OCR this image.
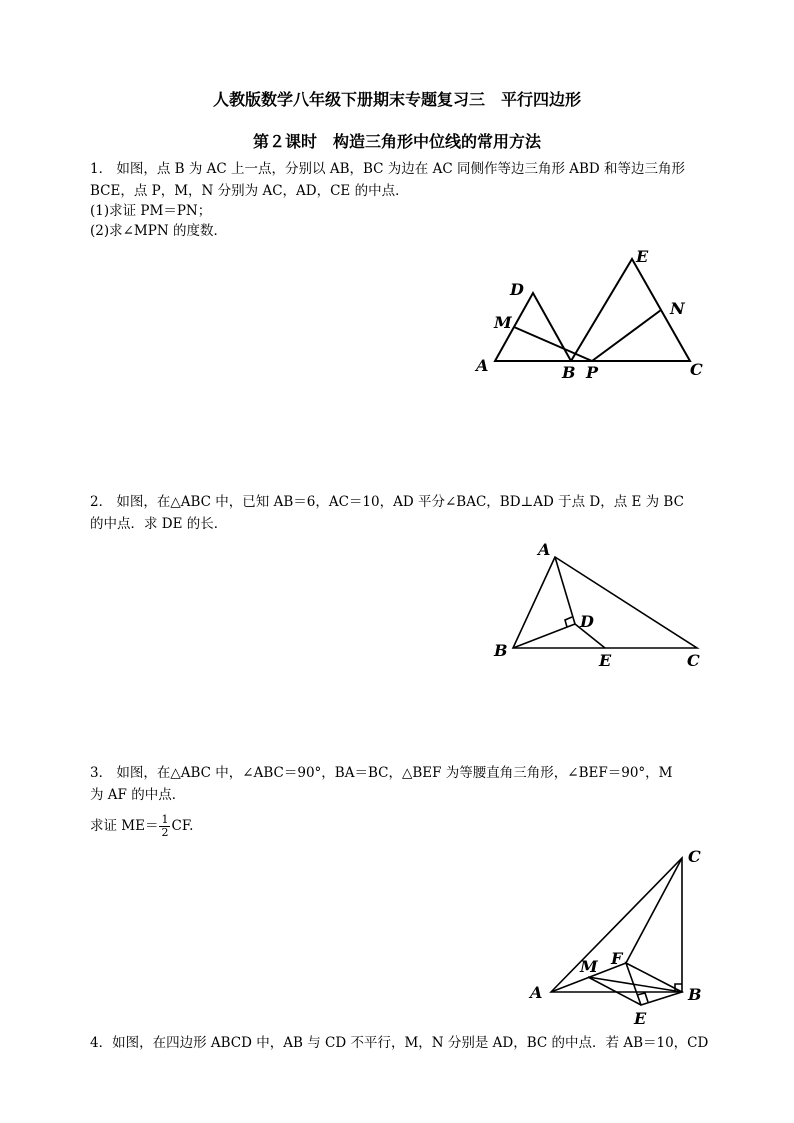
人教版数学八年级下册期末专题复习三　平行四边形
第２课时　构造三角形中位线的常用方法
1． 如图，点 B 为 AC 上一点，分别以 AB，BC 为边在 AC 同侧作等边三角形 ABD 和等边三角形
BCE，点 P，M，N 分别为 AC，AD，CE 的中点．
(1)求证 PM＝PN；
(2)求∠MPN 的度数．
D
E
M
N
A	B P	C
2． 如图，在△ABC 中，已知 AB＝6，AC＝10，AD 平分∠BAC，BD⊥AD 于点 D，点 E 为 BC
的中点．求 DE 的长．
A
D
B
E	C
3． 如图，在△ABC 中，∠ABC＝90°，BA＝BC，△BEF 为等腰直角三角形，∠BEF＝90°，M
为 AF 的中点．
求证 $ME= \frac{1}{2}$ CF.
C
F
M
A	B
E
4．如图，在四边形 ABCD 中，AB 与 CD 不平行，M，N 分别是 AD，BC 的中点．若 AB＝10，CD
